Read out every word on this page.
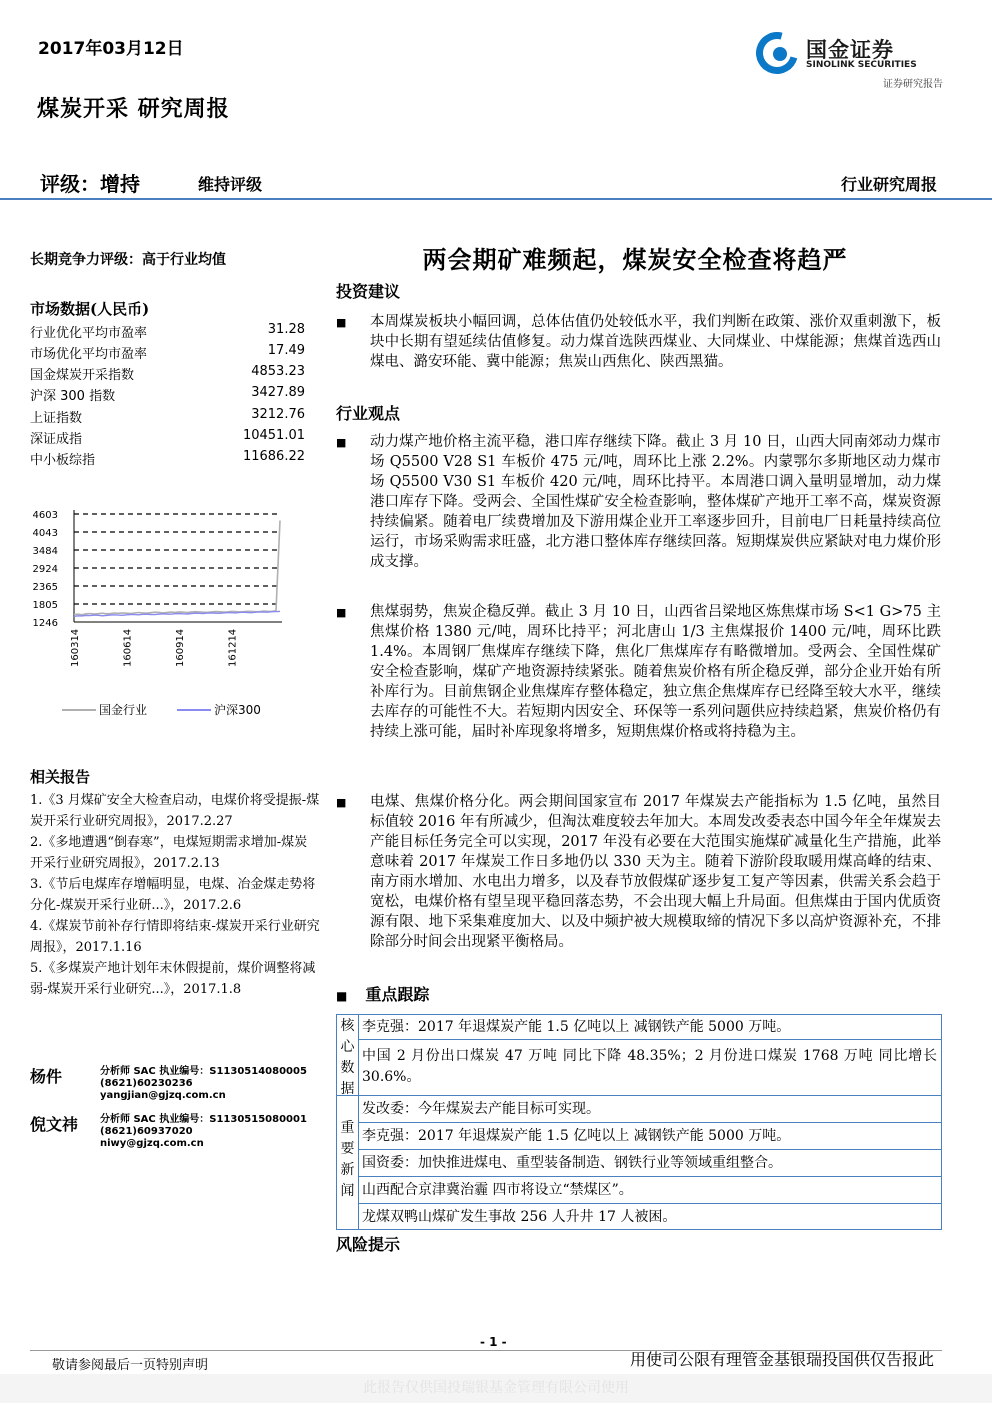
2017年03月12日
煤炭开采 研究周报
国金证券
SINOLINK SECURITIES
证券研究报告
评级：增持	维持评级	行业研究周报
长期竞争力评级：高于行业均值	两会期矿难频起，煤炭安全检查将趋严
市场数据(人民币)
行业优化平均市盈率	31.28
市场优化平均市盈率	17.49
国金煤炭开采指数	4853.23
沪深 300 指数	3427.89
上证指数	3212.76
深证成指	10451.01
中小板综指	11686.22
4603
4043
3484
2924
2365
1805
1246
160314	160614	160914	161214
国金行业	沪深300
相关报告
1.《3 月煤矿安全大检查启动，电煤价将受提振-煤炭开采行业研究周报》，2017.2.27
2.《多地遭遇“倒春寒”，电煤短期需求增加-煤炭开采行业研究周报》，2017.2.13
3.《节后电煤库存增幅明显，电煤、冶金煤走势将分化-煤炭开采行业研...》，2017.2.6
4.《煤炭节前补存行情即将结束-煤炭开采行业研究周报》，2017.1.16
5.《多煤炭产地计划年末休假提前，煤价调整将减弱-煤炭开采行业研究...》，2017.1.8
杨件	分析师 SAC 执业编号：S1130514080005
(8621)60230236
yangjian@gjzq.com.cn
倪文祎 分析师 SAC 执业编号：S1130515080001
(8621)60937020
niwy@gjzq.com.cn
投资建议
■ 本周煤炭板块小幅回调，总体估值仍处较低水平，我们判断在政策、涨价双重刺激下，板块中长期有望延续估值修复。动力煤首选陕西煤业、大同煤业、中煤能源；焦煤首选西山煤电、潞安环能、冀中能源；焦炭山西焦化、陕西黑猫。
行业观点
■ 动力煤产地价格主流平稳，港口库存继续下降。截止 3 月 10 日，山西大同南郊动力煤市场 Q5500 V28 S1 车板价 475 元/吨，周环比上涨 2.2%。内蒙鄂尔多斯地区动力煤市场 Q5500 V30 S1 车板价 420 元/吨，周环比持平。本周港口调入量明显增加，动力煤港口库存下降。受两会、全国性煤矿安全检查影响，整体煤矿产地开工率不高，煤炭资源持续偏紧。随着电厂续费增加及下游用煤企业开工率逐步回升，目前电厂日耗量持续高位运行，市场采购需求旺盛，北方港口整体库存继续回落。短期煤炭供应紧缺对电力煤价形成支撑。
■ 焦煤弱势，焦炭企稳反弹。截止 3 月 10 日，山西省吕梁地区炼焦煤市场 S<1 G>75 主焦煤价格 1380 元/吨，周环比持平；河北唐山 1/3 主焦煤报价 1400 元/吨，周环比跌 1.4%。本周钢厂焦煤库存继续下降，焦化厂焦煤库存有略微增加。受两会、全国性煤矿安全检查影响，煤矿产地资源持续紧张。随着焦炭价格有所企稳反弹，部分企业开始有所补库行为。目前焦钢企业焦煤库存整体稳定，独立焦企焦煤库存已经降至较大水平，继续去库存的可能性不大。若短期内因安全、环保等一系列问题供应持续趋紧，焦炭价格仍有持续上涨可能，届时补库现象将增多，短期焦煤价格或将持稳为主。
■ 电煤、焦煤价格分化。两会期间国家宣布 2017 年煤炭去产能指标为 1.5 亿吨，虽然目标值较 2016 年有所减少，但淘汰难度较去年加大。本周发改委表态中国今年全年煤炭去产能目标任务完全可以实现，2017 年没有必要在大范围实施煤矿减量化生产措施，此举意味着 2017 年煤炭工作日多地仍以 330 天为主。随着下游阶段取暖用煤高峰的结束、南方雨水增加、水电出力增多，以及春节放假煤矿逐步复工复产等因素，供需关系会趋于宽松，电煤价格有望呈现平稳回落态势，不会出现大幅上升局面。但焦煤由于国内优质资源有限、地下采集难度加大、以及中频护被大规模取缔的情况下多以高炉资源补充，不排除部分时间会出现紧平衡格局。
■ 重点跟踪
核心数据
李克强：2017 年退煤炭产能 1.5 亿吨以上 减钢铁产能 5000 万吨。
中国 2 月份出口煤炭 47 万吨 同比下降 48.35%；2 月份进口煤炭 1768 万吨 同比增长 30.6%。
重要新闻
发改委：今年煤炭去产能目标可实现。
李克强：2017 年退煤炭产能 1.5 亿吨以上 减钢铁产能 5000 万吨。
国资委：加快推进煤电、重型装备制造、钢铁行业等领域重组整合。
山西配合京津冀治霾 四市将设立“禁煤区”。
龙煤双鸭山煤矿发生事故 256 人升井 17 人被困。
风险提示
- 1 -
敬请参阅最后一页特别声明	用使司公限有理管金基银瑞投国供仅告报此
此报告仅供国投瑞银基金管理有限公司使用
